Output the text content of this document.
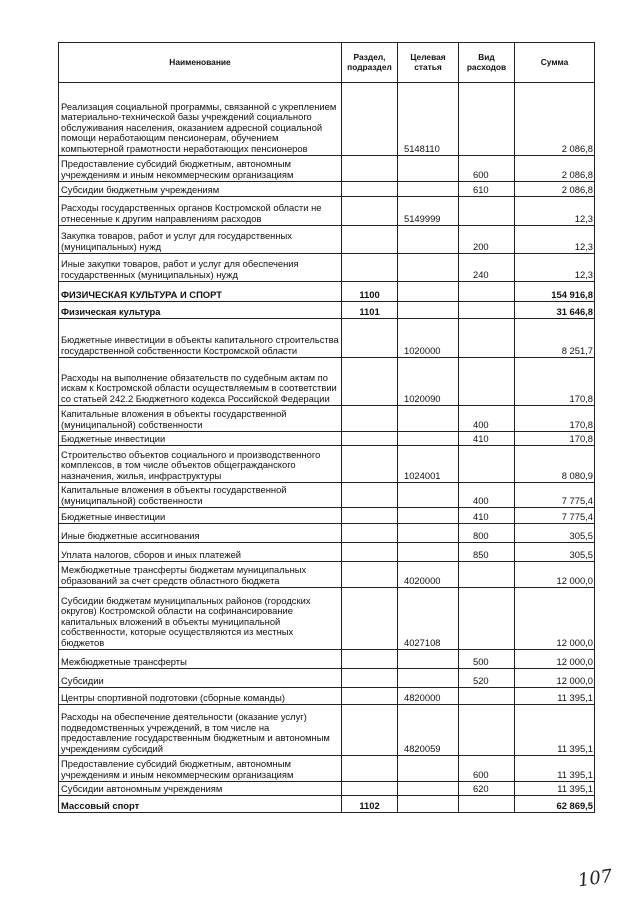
Наименование	Раздел, подраздел	Целевая статья	Вид расходов	Сумма
Реализация социальной программы, связанной с укреплением материально-технической базы учреждений социального обслуживания населения, оказанием адресной социальной помощи неработающим пенсионерам, обучением компьютерной грамотности неработающих пенсионеров		5148110		2 086,8
Предоставление субсидий бюджетным, автономным учреждениям и иным некоммерческим организациям			600	2 086,8
Субсидии бюджетным учреждениям			610	2 086,8
Расходы государственных органов Костромской области не отнесенные к другим направлениям расходов		5149999		12,3
Закупка товаров, работ и услуг для государственных (муниципальных) нужд			200	12,3
Иные закупки товаров, работ и услуг для обеспечения государственных (муниципальных) нужд			240	12,3
ФИЗИЧЕСКАЯ КУЛЬТУРА И СПОРТ	1100			154 916,8
Физическая культура	1101			31 646,8
Бюджетные инвестиции в объекты капитального строительства государственной собственности Костромской области		1020000		8 251,7
Расходы на выполнение обязательств по судебным актам по искам к Костромской области осуществляемым в соответствии со статьей 242.2 Бюджетного кодекса Российской Федерации		1020090		170,8
Капитальные вложения в объекты государственной (муниципальной) собственности			400	170,8
Бюджетные инвестиции			410	170,8
Строительство объектов социального и производственного комплексов, в том числе объектов общегражданского назначения, жилья, инфраструктуры		1024001		8 080,9
Капитальные вложения в объекты государственной (муниципальной) собственности			400	7 775,4
Бюджетные инвестиции			410	7 775,4
Иные бюджетные ассигнования			800	305,5
Уплата налогов, сборов и иных платежей			850	305,5
Межбюджетные трансферты бюджетам муниципальных образований за счет средств областного бюджета		4020000		12 000,0
Субсидии бюджетам муниципальных районов (городских округов) Костромской области на софинансирование капитальных вложений в объекты муниципальной собственности, которые осуществляются из местных бюджетов		4027108		12 000,0
Межбюджетные трансферты			500	12 000,0
Субсидии			520	12 000,0
Центры спортивной подготовки (сборные команды)		4820000		11 395,1
Расходы на обеспечение деятельности (оказание услуг) подведомственных учреждений, в том числе на предоставление государственным бюджетным и автономным учреждениям субсидий		4820059		11 395,1
Предоставление субсидий бюджетным, автономным учреждениям и иным некоммерческим организациям			600	11 395,1
Субсидии автономным учреждениям			620	11 395,1
Массовый спорт	1102			62 869,5
107
